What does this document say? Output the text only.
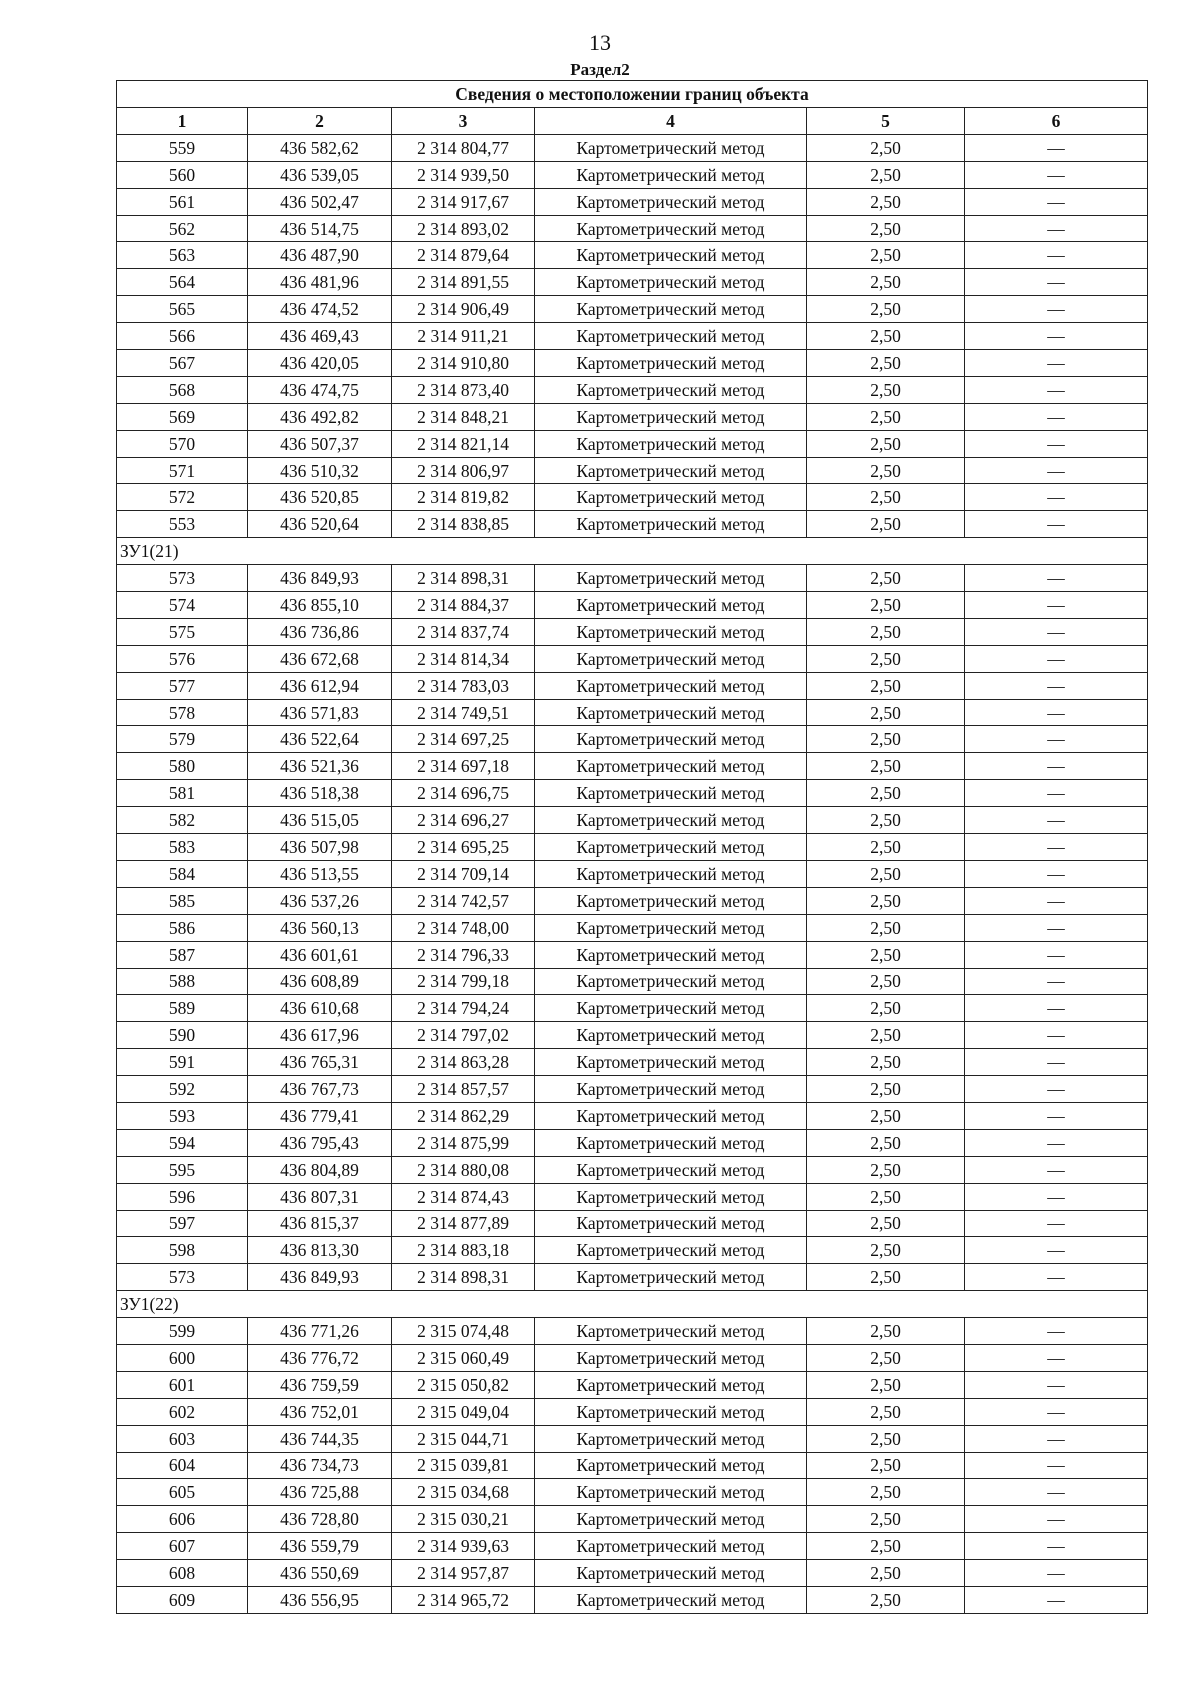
13
Раздел2
Сведения о местоположении границ объекта					
1	2	3	4	5	6
559	436 582,62	2 314 804,77	Картометрический метод	2,50	—
560	436 539,05	2 314 939,50	Картометрический метод	2,50	—
561	436 502,47	2 314 917,67	Картометрический метод	2,50	—
562	436 514,75	2 314 893,02	Картометрический метод	2,50	—
563	436 487,90	2 314 879,64	Картометрический метод	2,50	—
564	436 481,96	2 314 891,55	Картометрический метод	2,50	—
565	436 474,52	2 314 906,49	Картометрический метод	2,50	—
566	436 469,43	2 314 911,21	Картометрический метод	2,50	—
567	436 420,05	2 314 910,80	Картометрический метод	2,50	—
568	436 474,75	2 314 873,40	Картометрический метод	2,50	—
569	436 492,82	2 314 848,21	Картометрический метод	2,50	—
570	436 507,37	2 314 821,14	Картометрический метод	2,50	—
571	436 510,32	2 314 806,97	Картометрический метод	2,50	—
572	436 520,85	2 314 819,82	Картометрический метод	2,50	—
553	436 520,64	2 314 838,85	Картометрический метод	2,50	—
ЗУ1(21)					
573	436 849,93	2 314 898,31	Картометрический метод	2,50	—
574	436 855,10	2 314 884,37	Картометрический метод	2,50	—
575	436 736,86	2 314 837,74	Картометрический метод	2,50	—
576	436 672,68	2 314 814,34	Картометрический метод	2,50	—
577	436 612,94	2 314 783,03	Картометрический метод	2,50	—
578	436 571,83	2 314 749,51	Картометрический метод	2,50	—
579	436 522,64	2 314 697,25	Картометрический метод	2,50	—
580	436 521,36	2 314 697,18	Картометрический метод	2,50	—
581	436 518,38	2 314 696,75	Картометрический метод	2,50	—
582	436 515,05	2 314 696,27	Картометрический метод	2,50	—
583	436 507,98	2 314 695,25	Картометрический метод	2,50	—
584	436 513,55	2 314 709,14	Картометрический метод	2,50	—
585	436 537,26	2 314 742,57	Картометрический метод	2,50	—
586	436 560,13	2 314 748,00	Картометрический метод	2,50	—
587	436 601,61	2 314 796,33	Картометрический метод	2,50	—
588	436 608,89	2 314 799,18	Картометрический метод	2,50	—
589	436 610,68	2 314 794,24	Картометрический метод	2,50	—
590	436 617,96	2 314 797,02	Картометрический метод	2,50	—
591	436 765,31	2 314 863,28	Картометрический метод	2,50	—
592	436 767,73	2 314 857,57	Картометрический метод	2,50	—
593	436 779,41	2 314 862,29	Картометрический метод	2,50	—
594	436 795,43	2 314 875,99	Картометрический метод	2,50	—
595	436 804,89	2 314 880,08	Картометрический метод	2,50	—
596	436 807,31	2 314 874,43	Картометрический метод	2,50	—
597	436 815,37	2 314 877,89	Картометрический метод	2,50	—
598	436 813,30	2 314 883,18	Картометрический метод	2,50	—
573	436 849,93	2 314 898,31	Картометрический метод	2,50	—
ЗУ1(22)					
599	436 771,26	2 315 074,48	Картометрический метод	2,50	—
600	436 776,72	2 315 060,49	Картометрический метод	2,50	—
601	436 759,59	2 315 050,82	Картометрический метод	2,50	—
602	436 752,01	2 315 049,04	Картометрический метод	2,50	—
603	436 744,35	2 315 044,71	Картометрический метод	2,50	—
604	436 734,73	2 315 039,81	Картометрический метод	2,50	—
605	436 725,88	2 315 034,68	Картометрический метод	2,50	—
606	436 728,80	2 315 030,21	Картометрический метод	2,50	—
607	436 559,79	2 314 939,63	Картометрический метод	2,50	—
608	436 550,69	2 314 957,87	Картометрический метод	2,50	—
609	436 556,95	2 314 965,72	Картометрический метод	2,50	—
